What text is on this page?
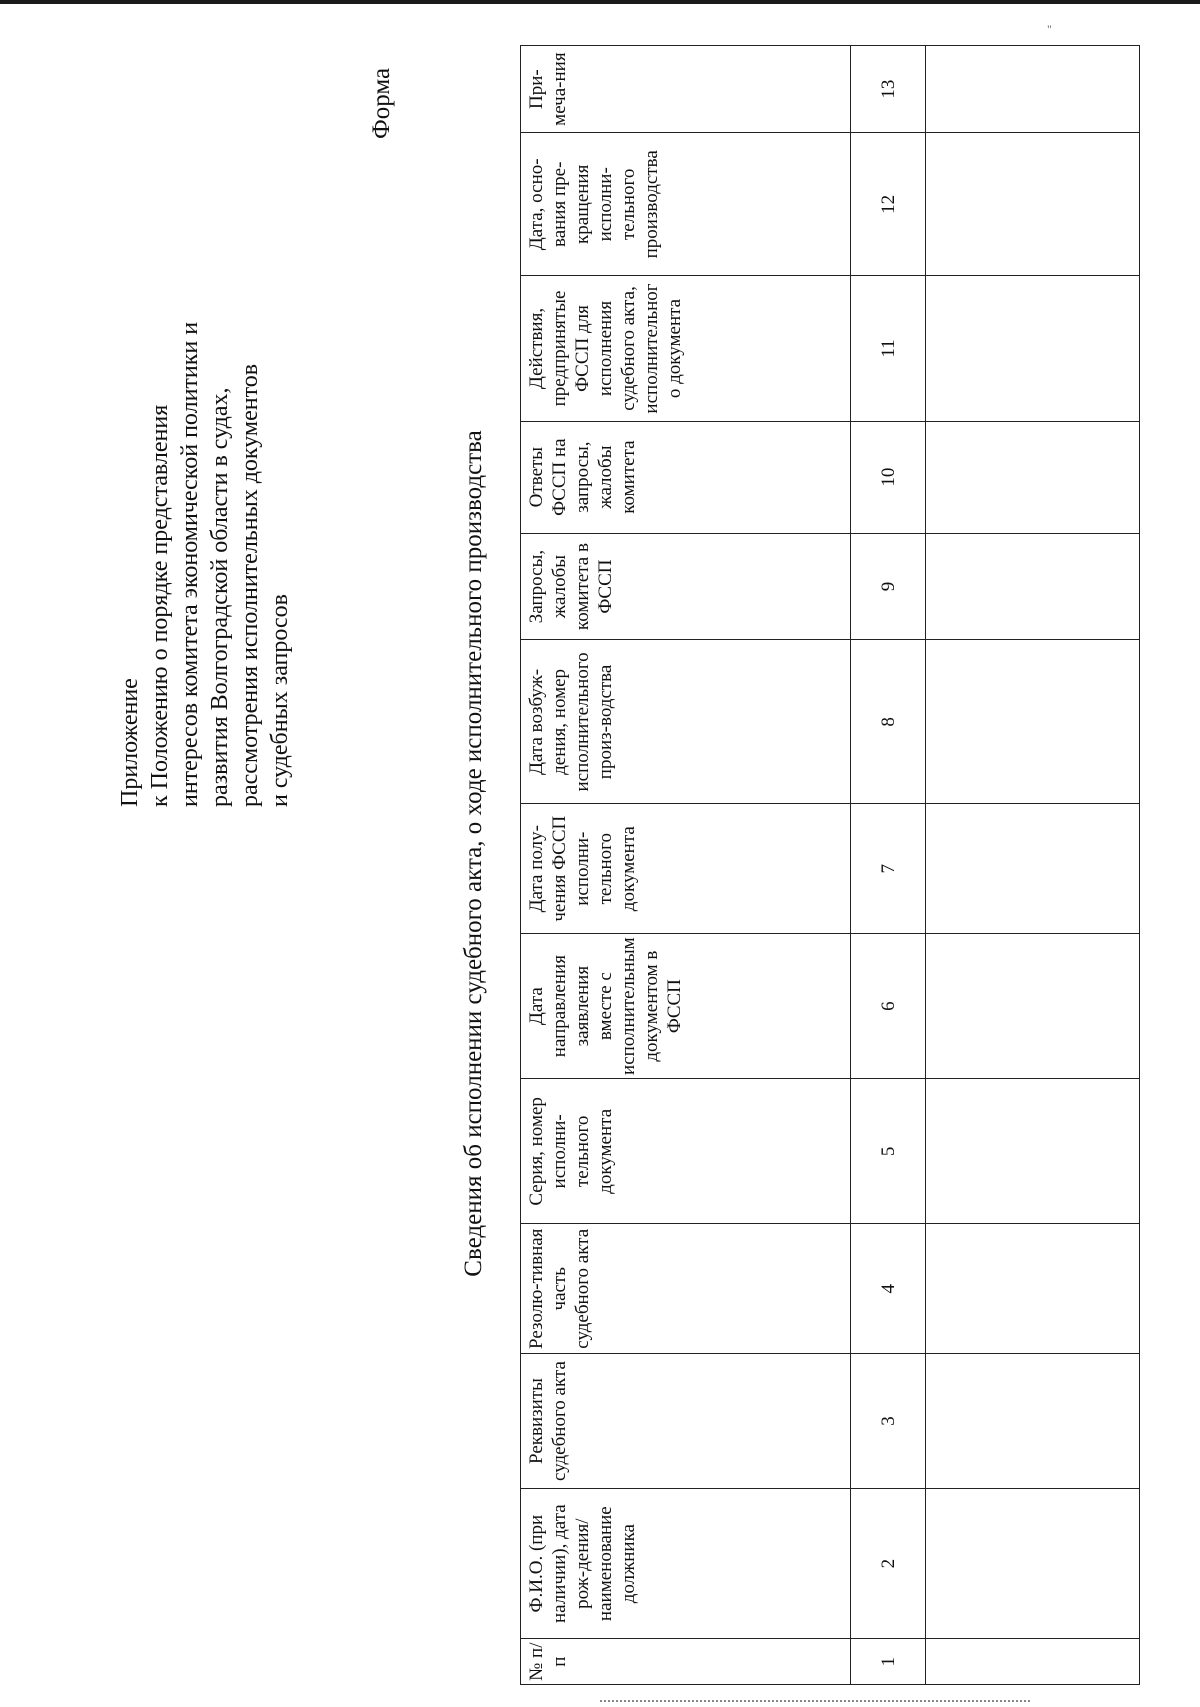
"
Приложение к Положению о порядке представления интересов комитета экономической политики и развития Волгоградской области в судах, рассмотрения исполнительных документов и судебных запросов
Форма
Сведения об исполнении судебного акта, о ходе исполнительного производства
№ п/п	Ф.И.О. (при наличии), дата рож-дения/наименование должника	Реквизиты судебного акта	Резолю-тивная часть судебного акта	Серия, номер исполни-тельного документа	Дата направления заявления вместе с исполнительным документом в ФССП	Дата полу-чения ФССП исполни-тельного документа	Дата возбуж-дения, номер исполнительного произ-водства	Запросы, жалобы комитета в ФССП	Ответы ФССП на запросы, жалобы комитета	Действия, предпринятые ФССП для исполнения судебного акта, исполнительного документа	Дата, осно-вания пре-кращения исполни-тельного производства	При-меча-ния
1	2	3	4	5	6	7	8	9	10	11	12	13
